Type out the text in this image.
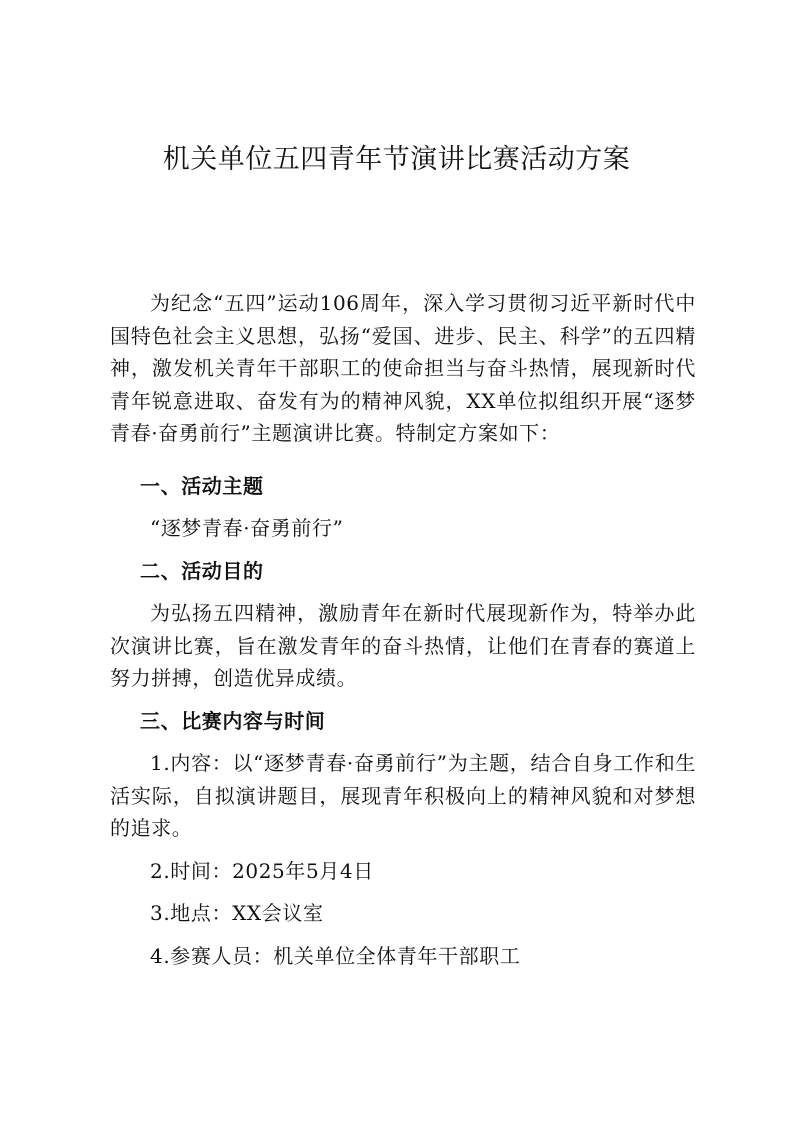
机关单位五四青年节演讲比赛活动方案

为纪念“五四”运动106周年，深入学习贯彻习近平新时代中国特色社会主义思想，弘扬“爱国、进步、民主、科学”的五四精神，激发机关青年干部职工的使命担当与奋斗热情，展现新时代青年锐意进取、奋发有为的精神风貌，XX单位拟组织开展“逐梦青春·奋勇前行”主题演讲比赛。特制定方案如下：

一、活动主题

“逐梦青春·奋勇前行”

二、活动目的

为弘扬五四精神，激励青年在新时代展现新作为，特举办此次演讲比赛，旨在激发青年的奋斗热情，让他们在青春的赛道上努力拼搏，创造优异成绩。

三、比赛内容与时间

1.内容：以“逐梦青春·奋勇前行”为主题，结合自身工作和生活实际，自拟演讲题目，展现青年积极向上的精神风貌和对梦想的追求。

2.时间：2025年5月4日

3.地点：XX会议室

4.参赛人员：机关单位全体青年干部职工
